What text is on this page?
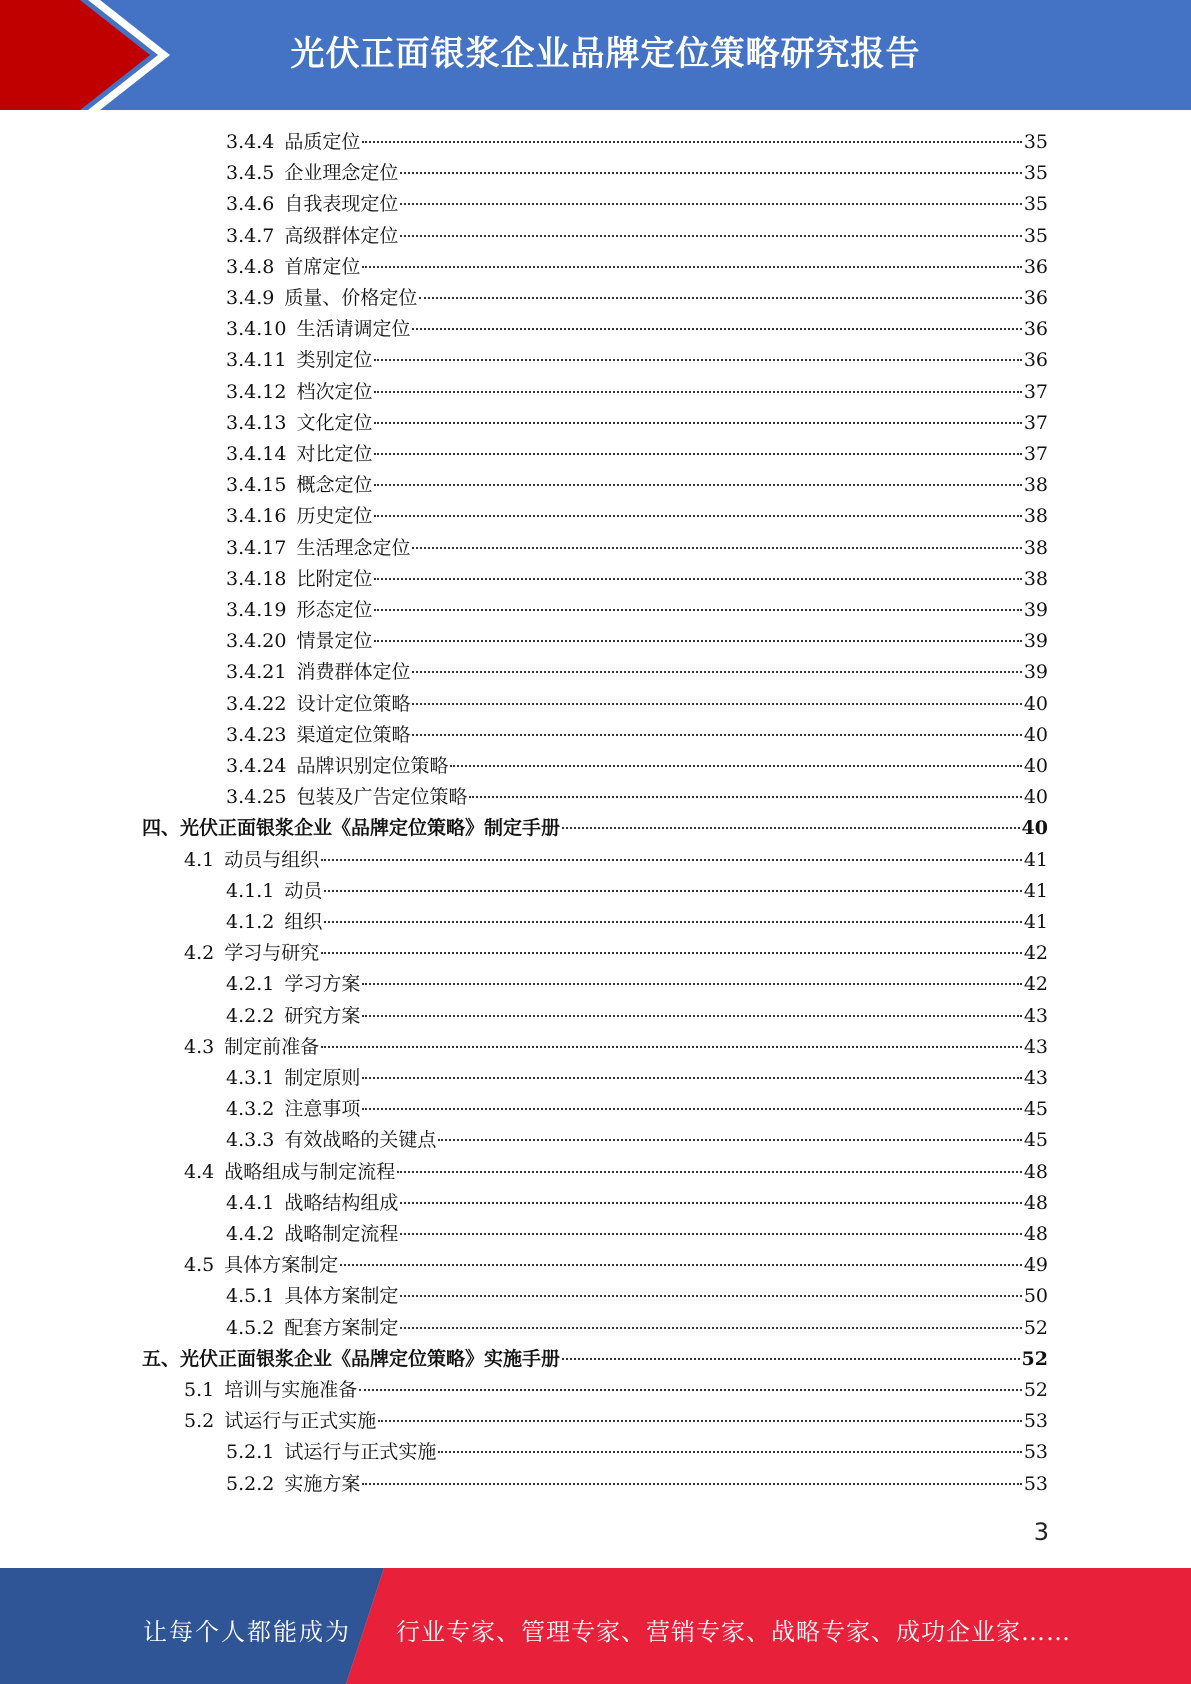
光伏正面银浆企业品牌定位策略研究报告
3.4.4 品质定位	35
3.4.5 企业理念定位	35
3.4.6 自我表现定位	35
3.4.7 高级群体定位	35
3.4.8 首席定位	36
3.4.9 质量、价格定位	36
3.4.10 生活请调定位	36
3.4.11 类别定位	36
3.4.12 档次定位	37
3.4.13 文化定位	37
3.4.14 对比定位	37
3.4.15 概念定位	38
3.4.16 历史定位	38
3.4.17 生活理念定位	38
3.4.18 比附定位	38
3.4.19 形态定位	39
3.4.20 情景定位	39
3.4.21 消费群体定位	39
3.4.22 设计定位策略	40
3.4.23 渠道定位策略	40
3.4.24 品牌识别定位策略	40
3.4.25 包装及广告定位策略	40
四、光伏正面银浆企业《品牌定位策略》制定手册	40
4.1 动员与组织	41
4.1.1 动员	41
4.1.2 组织	41
4.2 学习与研究	42
4.2.1 学习方案	42
4.2.2 研究方案	43
4.3 制定前准备	43
4.3.1 制定原则	43
4.3.2 注意事项	45
4.3.3 有效战略的关键点	45
4.4 战略组成与制定流程	48
4.4.1 战略结构组成	48
4.4.2 战略制定流程	48
4.5 具体方案制定	49
4.5.1 具体方案制定	50
4.5.2 配套方案制定	52
五、光伏正面银浆企业《品牌定位策略》实施手册	52
5.1 培训与实施准备	52
5.2 试运行与正式实施	53
5.2.1 试运行与正式实施	53
5.2.2 实施方案	53
3
让每个人都能成为 行业专家、管理专家、营销专家、战略专家、成功企业家……
